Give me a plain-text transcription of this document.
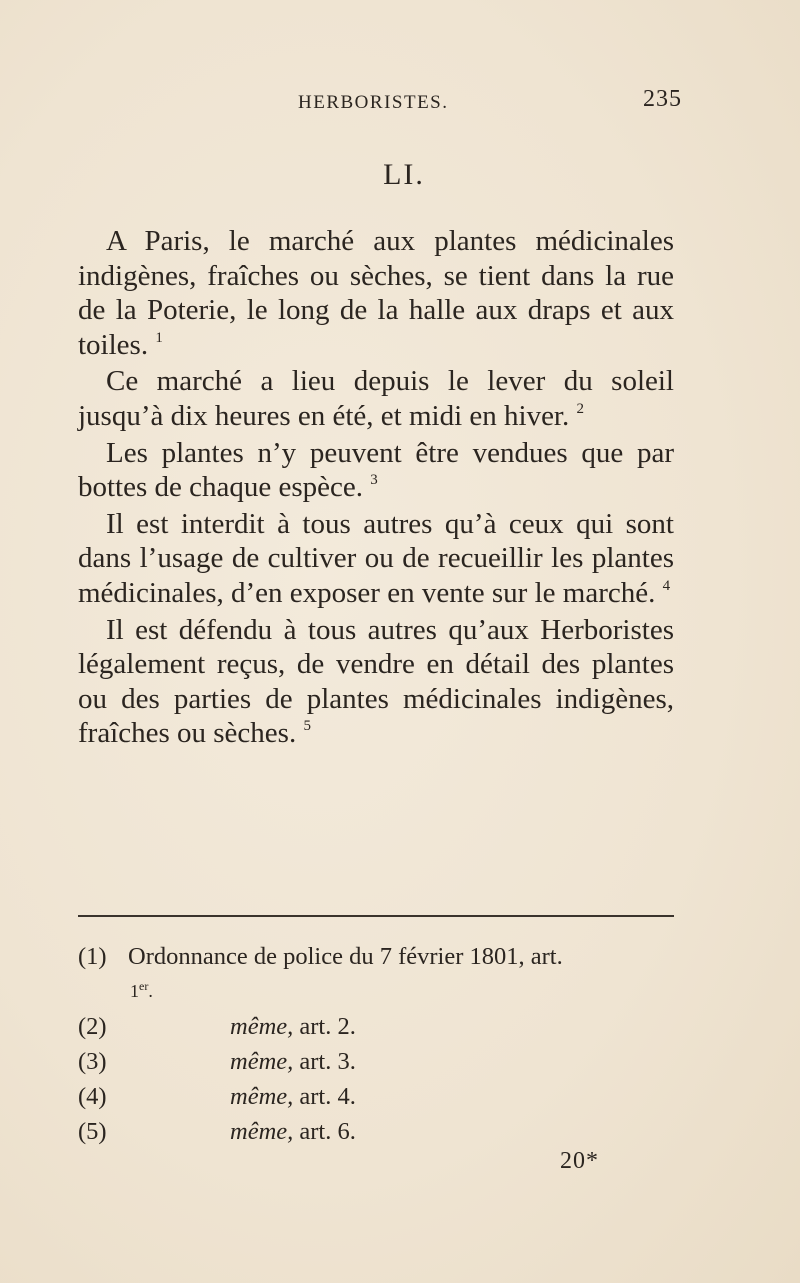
HERBORISTES.	235
LI.

A Paris, le marché aux plantes médicinales indigènes, fraîches ou sèches, se tient dans la rue de la Poterie, le long de la halle aux draps et aux toiles. $^1$

Ce marché a lieu depuis le lever du soleil jusqu’à dix heures en été, et midi en hiver. $^2$

Les plantes n’y peuvent être vendues que par bottes de chaque espèce. $^3$

Il est interdit à tous autres qu’à ceux qui sont dans l’usage de cultiver ou de recueillir les plantes médicinales, d’en exposer en vente sur le marché. $^4$

Il est défendu à tous autres qu’aux Herboristes légalement reçus, de vendre en détail des plantes ou des parties de plantes médicinales indigènes, fraîches ou sèches. $^5$

(1) Ordonnance de police du 7 février 1801, art.
1er.
(2)	même, art. 2.
(3)	même, art. 3.
(4)	même, art. 4.
(5)	même, art. 6.
20*
